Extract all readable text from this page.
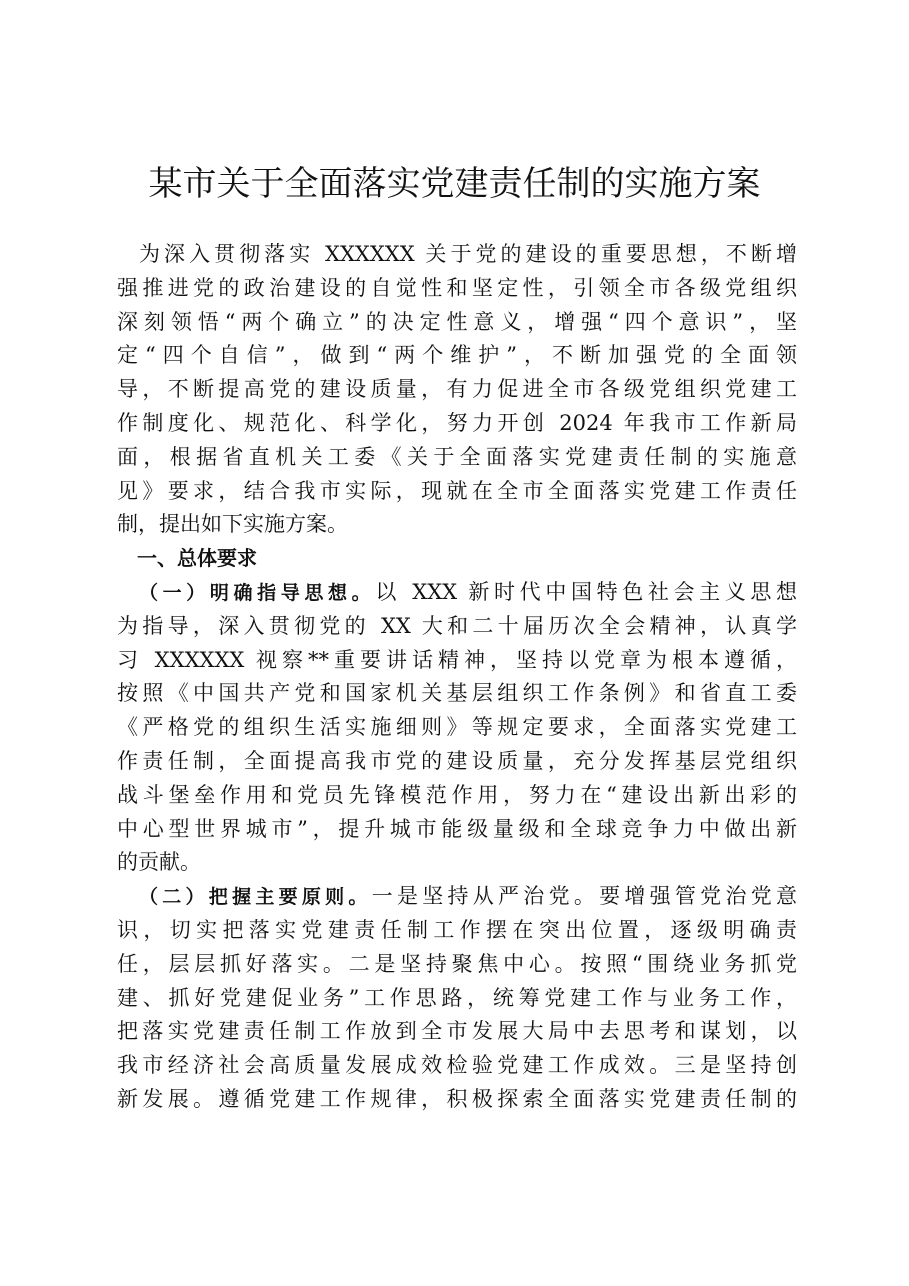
某市关于全面落实党建责任制的实施方案
为深入贯彻落实 XXXXXX 关于党的建设的重要思想，不断增
强推进党的政治建设的自觉性和坚定性，引领全市各级党组织
深刻领悟“两个确立”的决定性意义，增强“四个意识”，坚
定“四个自信”，做到“两个维护”，不断加强党的全面领
导，不断提高党的建设质量，有力促进全市各级党组织党建工
作制度化、规范化、科学化，努力开创 2024 年我市工作新局
面，根据省直机关工委《关于全面落实党建责任制的实施意
见》要求，结合我市实际，现就在全市全面落实党建工作责任
制，提出如下实施方案。
一、总体要求
（一）明确指导思想。以 XXX 新时代中国特色社会主义思想
为指导，深入贯彻党的 XX 大和二十届历次全会精神，认真学
习 XXXXXX 视察**重要讲话精神，坚持以党章为根本遵循，
按照《中国共产党和国家机关基层组织工作条例》和省直工委
《严格党的组织生活实施细则》等规定要求，全面落实党建工
作责任制，全面提高我市党的建设质量，充分发挥基层党组织
战斗堡垒作用和党员先锋模范作用，努力在“建设出新出彩的
中心型世界城市”，提升城市能级量级和全球竞争力中做出新
的贡献。
（二）把握主要原则。一是坚持从严治党。要增强管党治党意
识，切实把落实党建责任制工作摆在突出位置，逐级明确责
任，层层抓好落实。二是坚持聚焦中心。按照“围绕业务抓党
建、抓好党建促业务”工作思路，统筹党建工作与业务工作，
把落实党建责任制工作放到全市发展大局中去思考和谋划，以
我市经济社会高质量发展成效检验党建工作成效。三是坚持创
新发展。遵循党建工作规律，积极探索全面落实党建责任制的
